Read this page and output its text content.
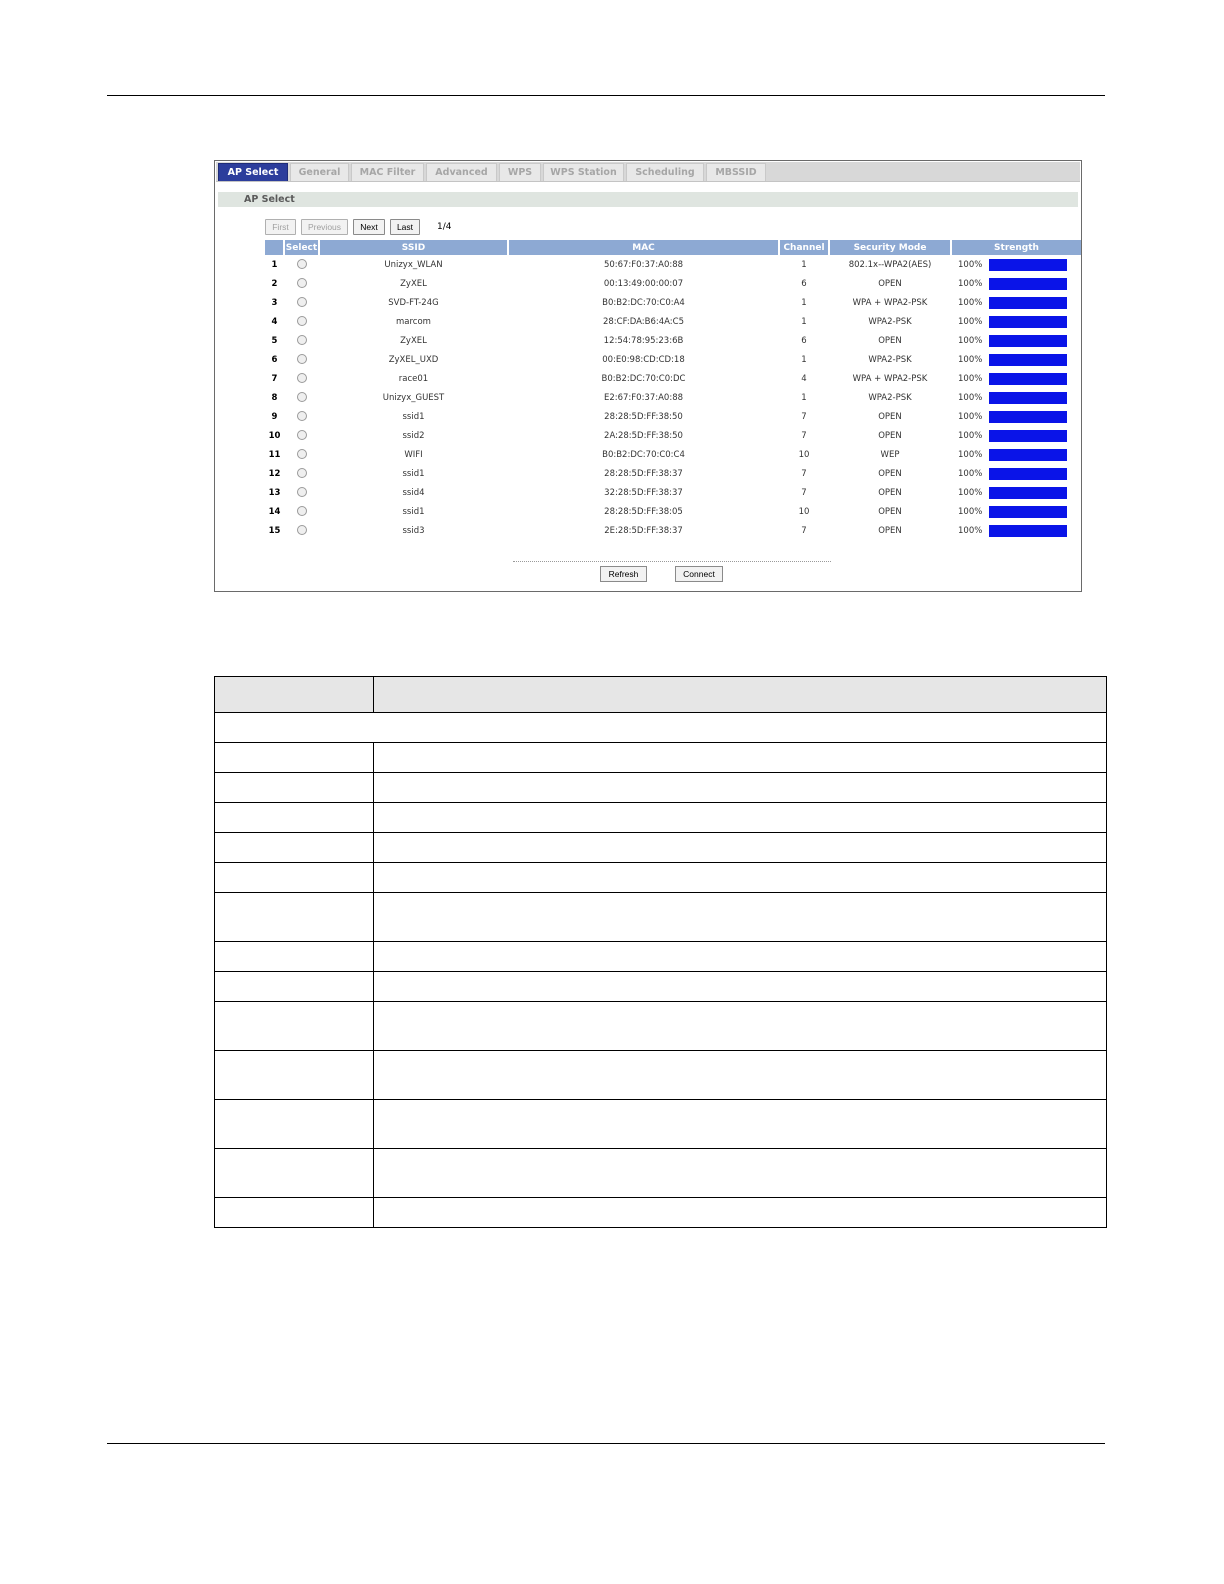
AP Select	General	MAC Filter	Advanced	WPS	WPS Station	Scheduling	MBSSID
AP Select
First	Previous	Next	Last	1/4
	Select	SSID	MAC	Channel	Security Mode	Strength
1		Unizyx_WLAN	50:67:F0:37:A0:88	1	802.1x--WPA2(AES)	100%
2		ZyXEL	00:13:49:00:00:07	6	OPEN	100%
3		SVD-FT-24G	B0:B2:DC:70:C0:A4	1	WPA + WPA2-PSK	100%
4		marcom	28:CF:DA:B6:4A:C5	1	WPA2-PSK	100%
5		ZyXEL	12:54:78:95:23:6B	6	OPEN	100%
6		ZyXEL_UXD	00:E0:98:CD:CD:18	1	WPA2-PSK	100%
7		race01	B0:B2:DC:70:C0:DC	4	WPA + WPA2-PSK	100%
8		Unizyx_GUEST	E2:67:F0:37:A0:88	1	WPA2-PSK	100%
9		ssid1	28:28:5D:FF:38:50	7	OPEN	100%
10		ssid2	2A:28:5D:FF:38:50	7	OPEN	100%
11		WIFI	B0:B2:DC:70:C0:C4	10	WEP	100%
12		ssid1	28:28:5D:FF:38:37	7	OPEN	100%
13		ssid4	32:28:5D:FF:38:37	7	OPEN	100%
14		ssid1	28:28:5D:FF:38:05	10	OPEN	100%
15		ssid3	2E:28:5D:FF:38:37	7	OPEN	100%
Refresh	Connect
